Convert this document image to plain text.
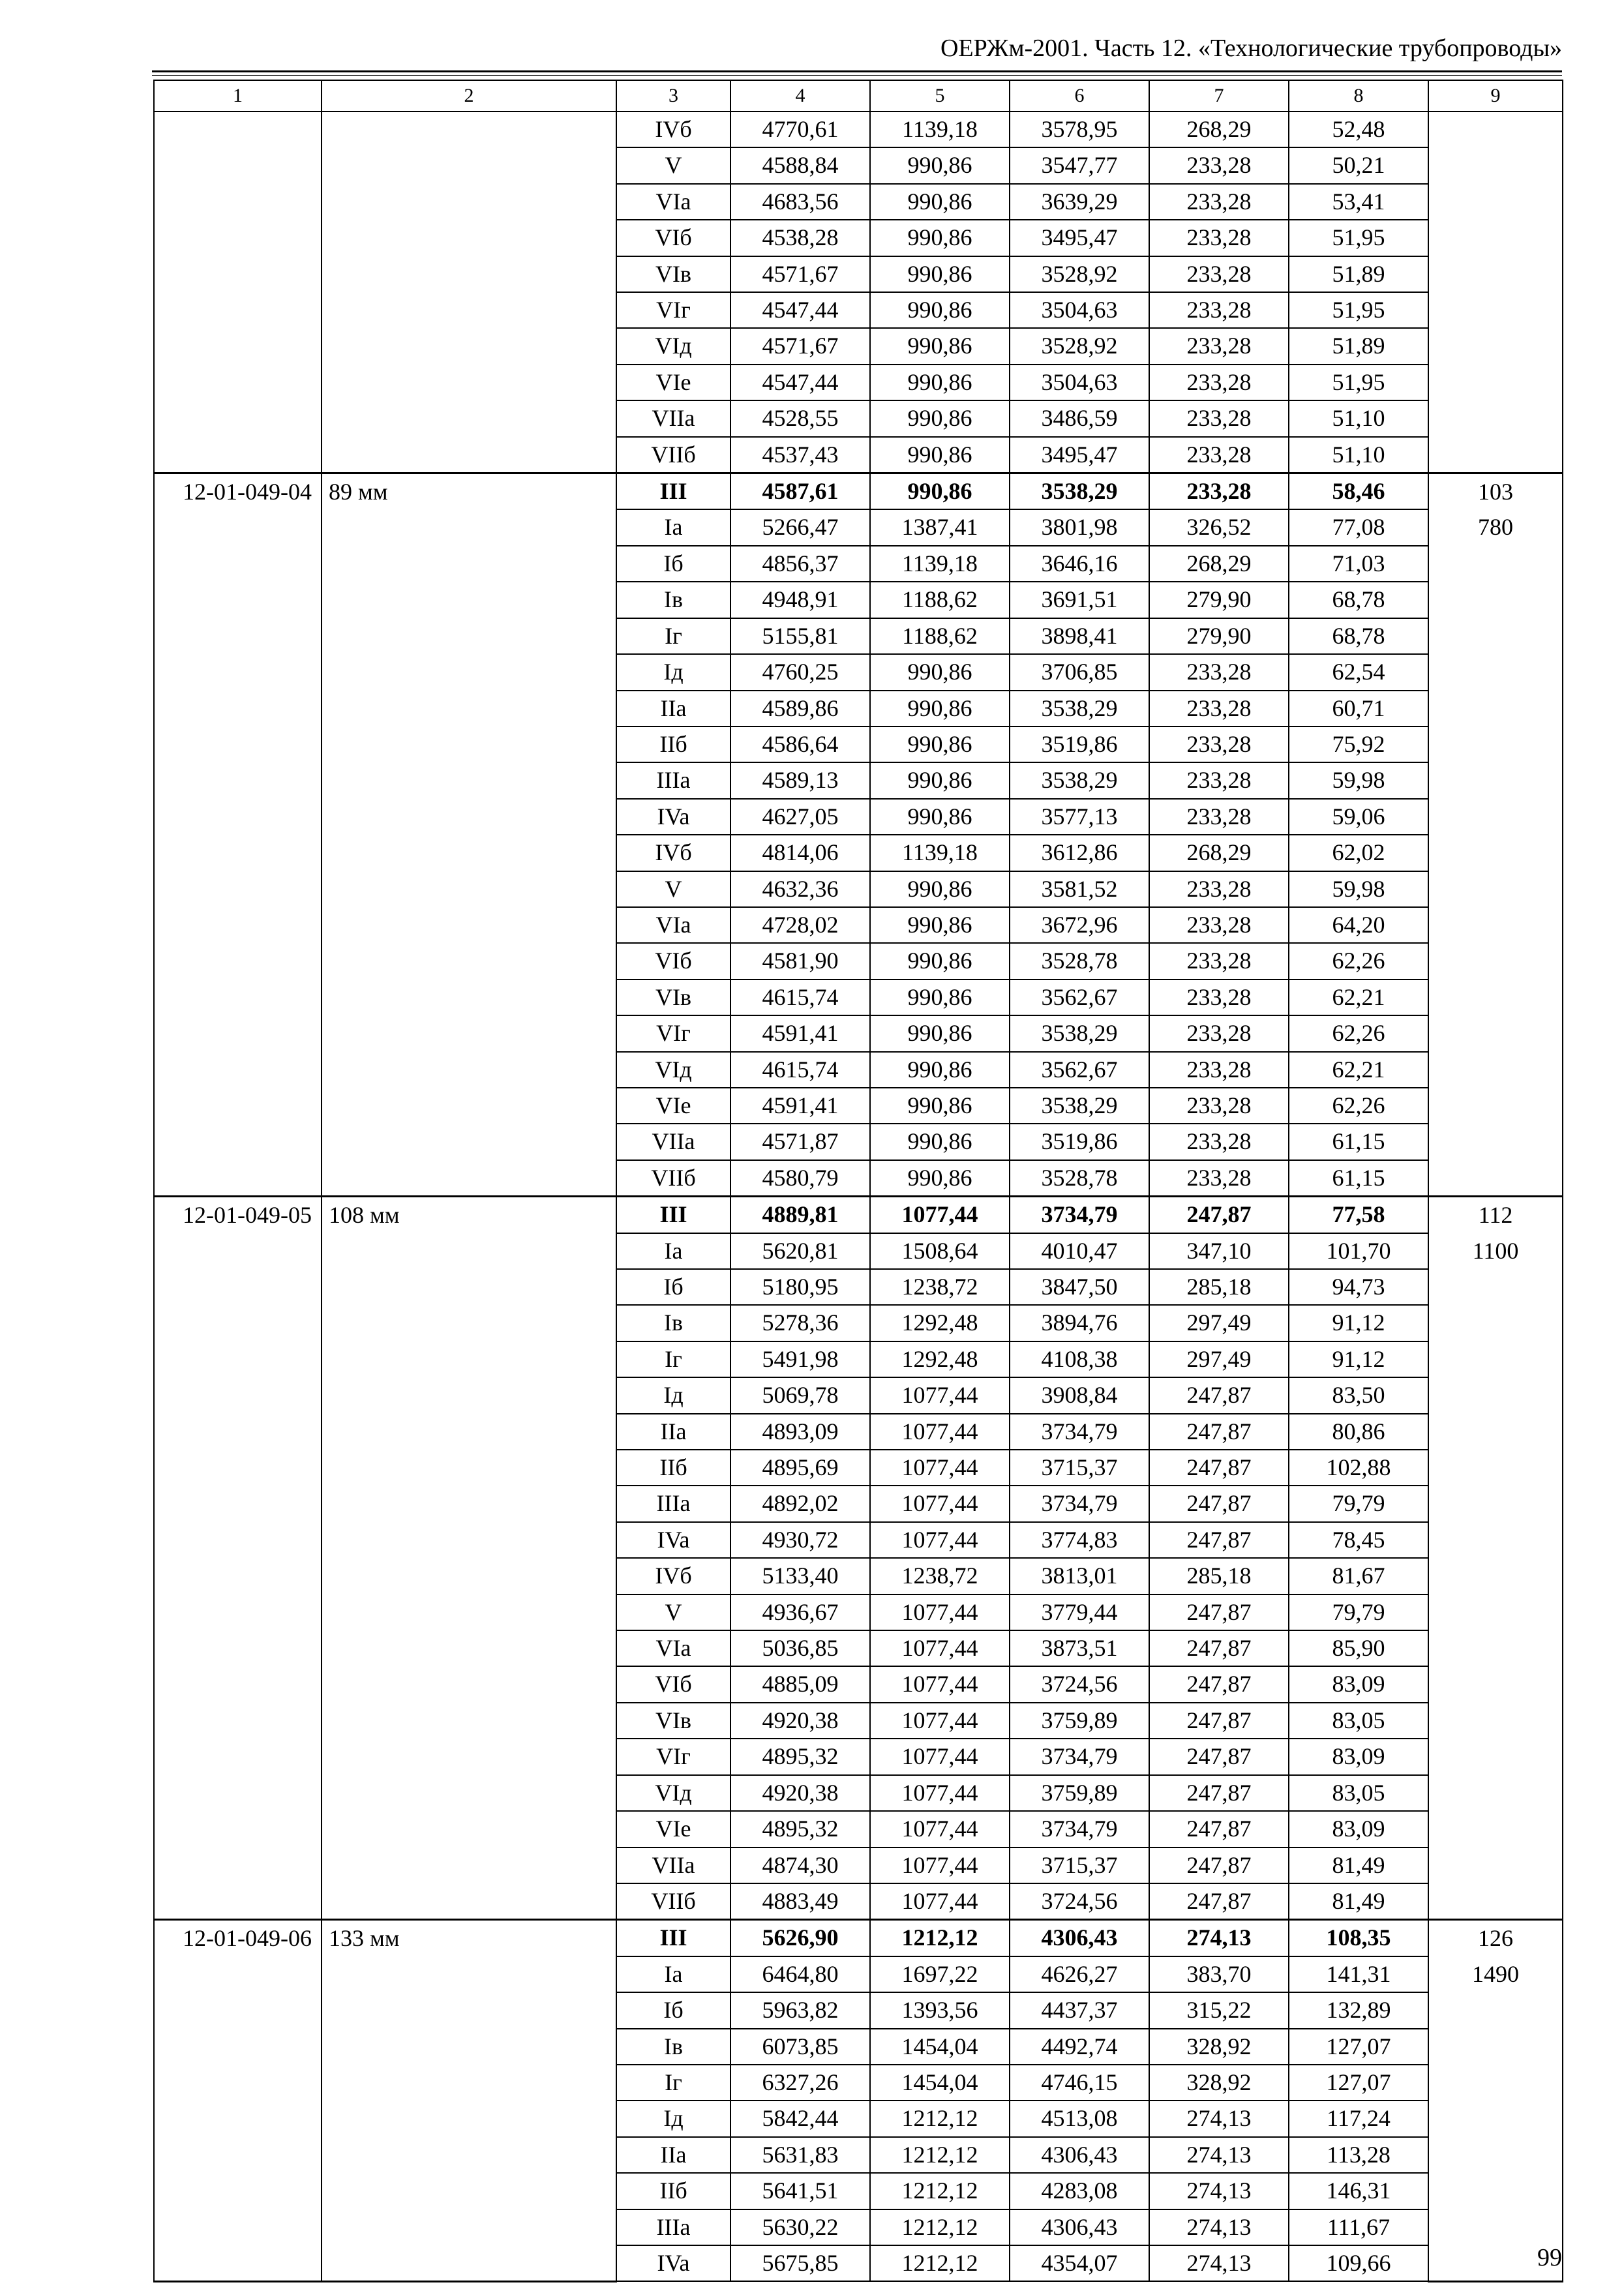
ОЕРЖм-2001. Часть 12. «Технологические трубопроводы»
1	2	3	4	5	6	7	8	9
		IVб	4770,61	1139,18	3578,95	268,29	52,48	
		V	4588,84	990,86	3547,77	233,28	50,21	
		VIa	4683,56	990,86	3639,29	233,28	53,41	
		VIб	4538,28	990,86	3495,47	233,28	51,95	
		VIв	4571,67	990,86	3528,92	233,28	51,89	
		VIг	4547,44	990,86	3504,63	233,28	51,95	
		VIд	4571,67	990,86	3528,92	233,28	51,89	
		VIe	4547,44	990,86	3504,63	233,28	51,95	
		VIIa	4528,55	990,86	3486,59	233,28	51,10	
		VIIб	4537,43	990,86	3495,47	233,28	51,10	
12-01-049-04	89 мм	III	4587,61	990,86	3538,29	233,28	58,46	103
		Ia	5266,47	1387,41	3801,98	326,52	77,08	780
		Iб	4856,37	1139,18	3646,16	268,29	71,03	
		Iв	4948,91	1188,62	3691,51	279,90	68,78	
		Iг	5155,81	1188,62	3898,41	279,90	68,78	
		Iд	4760,25	990,86	3706,85	233,28	62,54	
		IIa	4589,86	990,86	3538,29	233,28	60,71	
		IIб	4586,64	990,86	3519,86	233,28	75,92	
		IIIa	4589,13	990,86	3538,29	233,28	59,98	
		IVa	4627,05	990,86	3577,13	233,28	59,06	
		IVб	4814,06	1139,18	3612,86	268,29	62,02	
		V	4632,36	990,86	3581,52	233,28	59,98	
		VIa	4728,02	990,86	3672,96	233,28	64,20	
		VIб	4581,90	990,86	3528,78	233,28	62,26	
		VIв	4615,74	990,86	3562,67	233,28	62,21	
		VIг	4591,41	990,86	3538,29	233,28	62,26	
		VIд	4615,74	990,86	3562,67	233,28	62,21	
		VIe	4591,41	990,86	3538,29	233,28	62,26	
		VIIa	4571,87	990,86	3519,86	233,28	61,15	
		VIIб	4580,79	990,86	3528,78	233,28	61,15	
12-01-049-05	108 мм	III	4889,81	1077,44	3734,79	247,87	77,58	112
		Ia	5620,81	1508,64	4010,47	347,10	101,70	1100
		Iб	5180,95	1238,72	3847,50	285,18	94,73	
		Iв	5278,36	1292,48	3894,76	297,49	91,12	
		Iг	5491,98	1292,48	4108,38	297,49	91,12	
		Iд	5069,78	1077,44	3908,84	247,87	83,50	
		IIa	4893,09	1077,44	3734,79	247,87	80,86	
		IIб	4895,69	1077,44	3715,37	247,87	102,88	
		IIIa	4892,02	1077,44	3734,79	247,87	79,79	
		IVa	4930,72	1077,44	3774,83	247,87	78,45	
		IVб	5133,40	1238,72	3813,01	285,18	81,67	
		V	4936,67	1077,44	3779,44	247,87	79,79	
		VIa	5036,85	1077,44	3873,51	247,87	85,90	
		VIб	4885,09	1077,44	3724,56	247,87	83,09	
		VIв	4920,38	1077,44	3759,89	247,87	83,05	
		VIг	4895,32	1077,44	3734,79	247,87	83,09	
		VIд	4920,38	1077,44	3759,89	247,87	83,05	
		VIe	4895,32	1077,44	3734,79	247,87	83,09	
		VIIa	4874,30	1077,44	3715,37	247,87	81,49	
		VIIб	4883,49	1077,44	3724,56	247,87	81,49	
12-01-049-06	133 мм	III	5626,90	1212,12	4306,43	274,13	108,35	126
		Ia	6464,80	1697,22	4626,27	383,70	141,31	1490
		Iб	5963,82	1393,56	4437,37	315,22	132,89	
		Iв	6073,85	1454,04	4492,74	328,92	127,07	
		Iг	6327,26	1454,04	4746,15	328,92	127,07	
		Iд	5842,44	1212,12	4513,08	274,13	117,24	
		IIa	5631,83	1212,12	4306,43	274,13	113,28	
		IIб	5641,51	1212,12	4283,08	274,13	146,31	
		IIIa	5630,22	1212,12	4306,43	274,13	111,67	
		IVa	5675,85	1212,12	4354,07	274,13	109,66		99
